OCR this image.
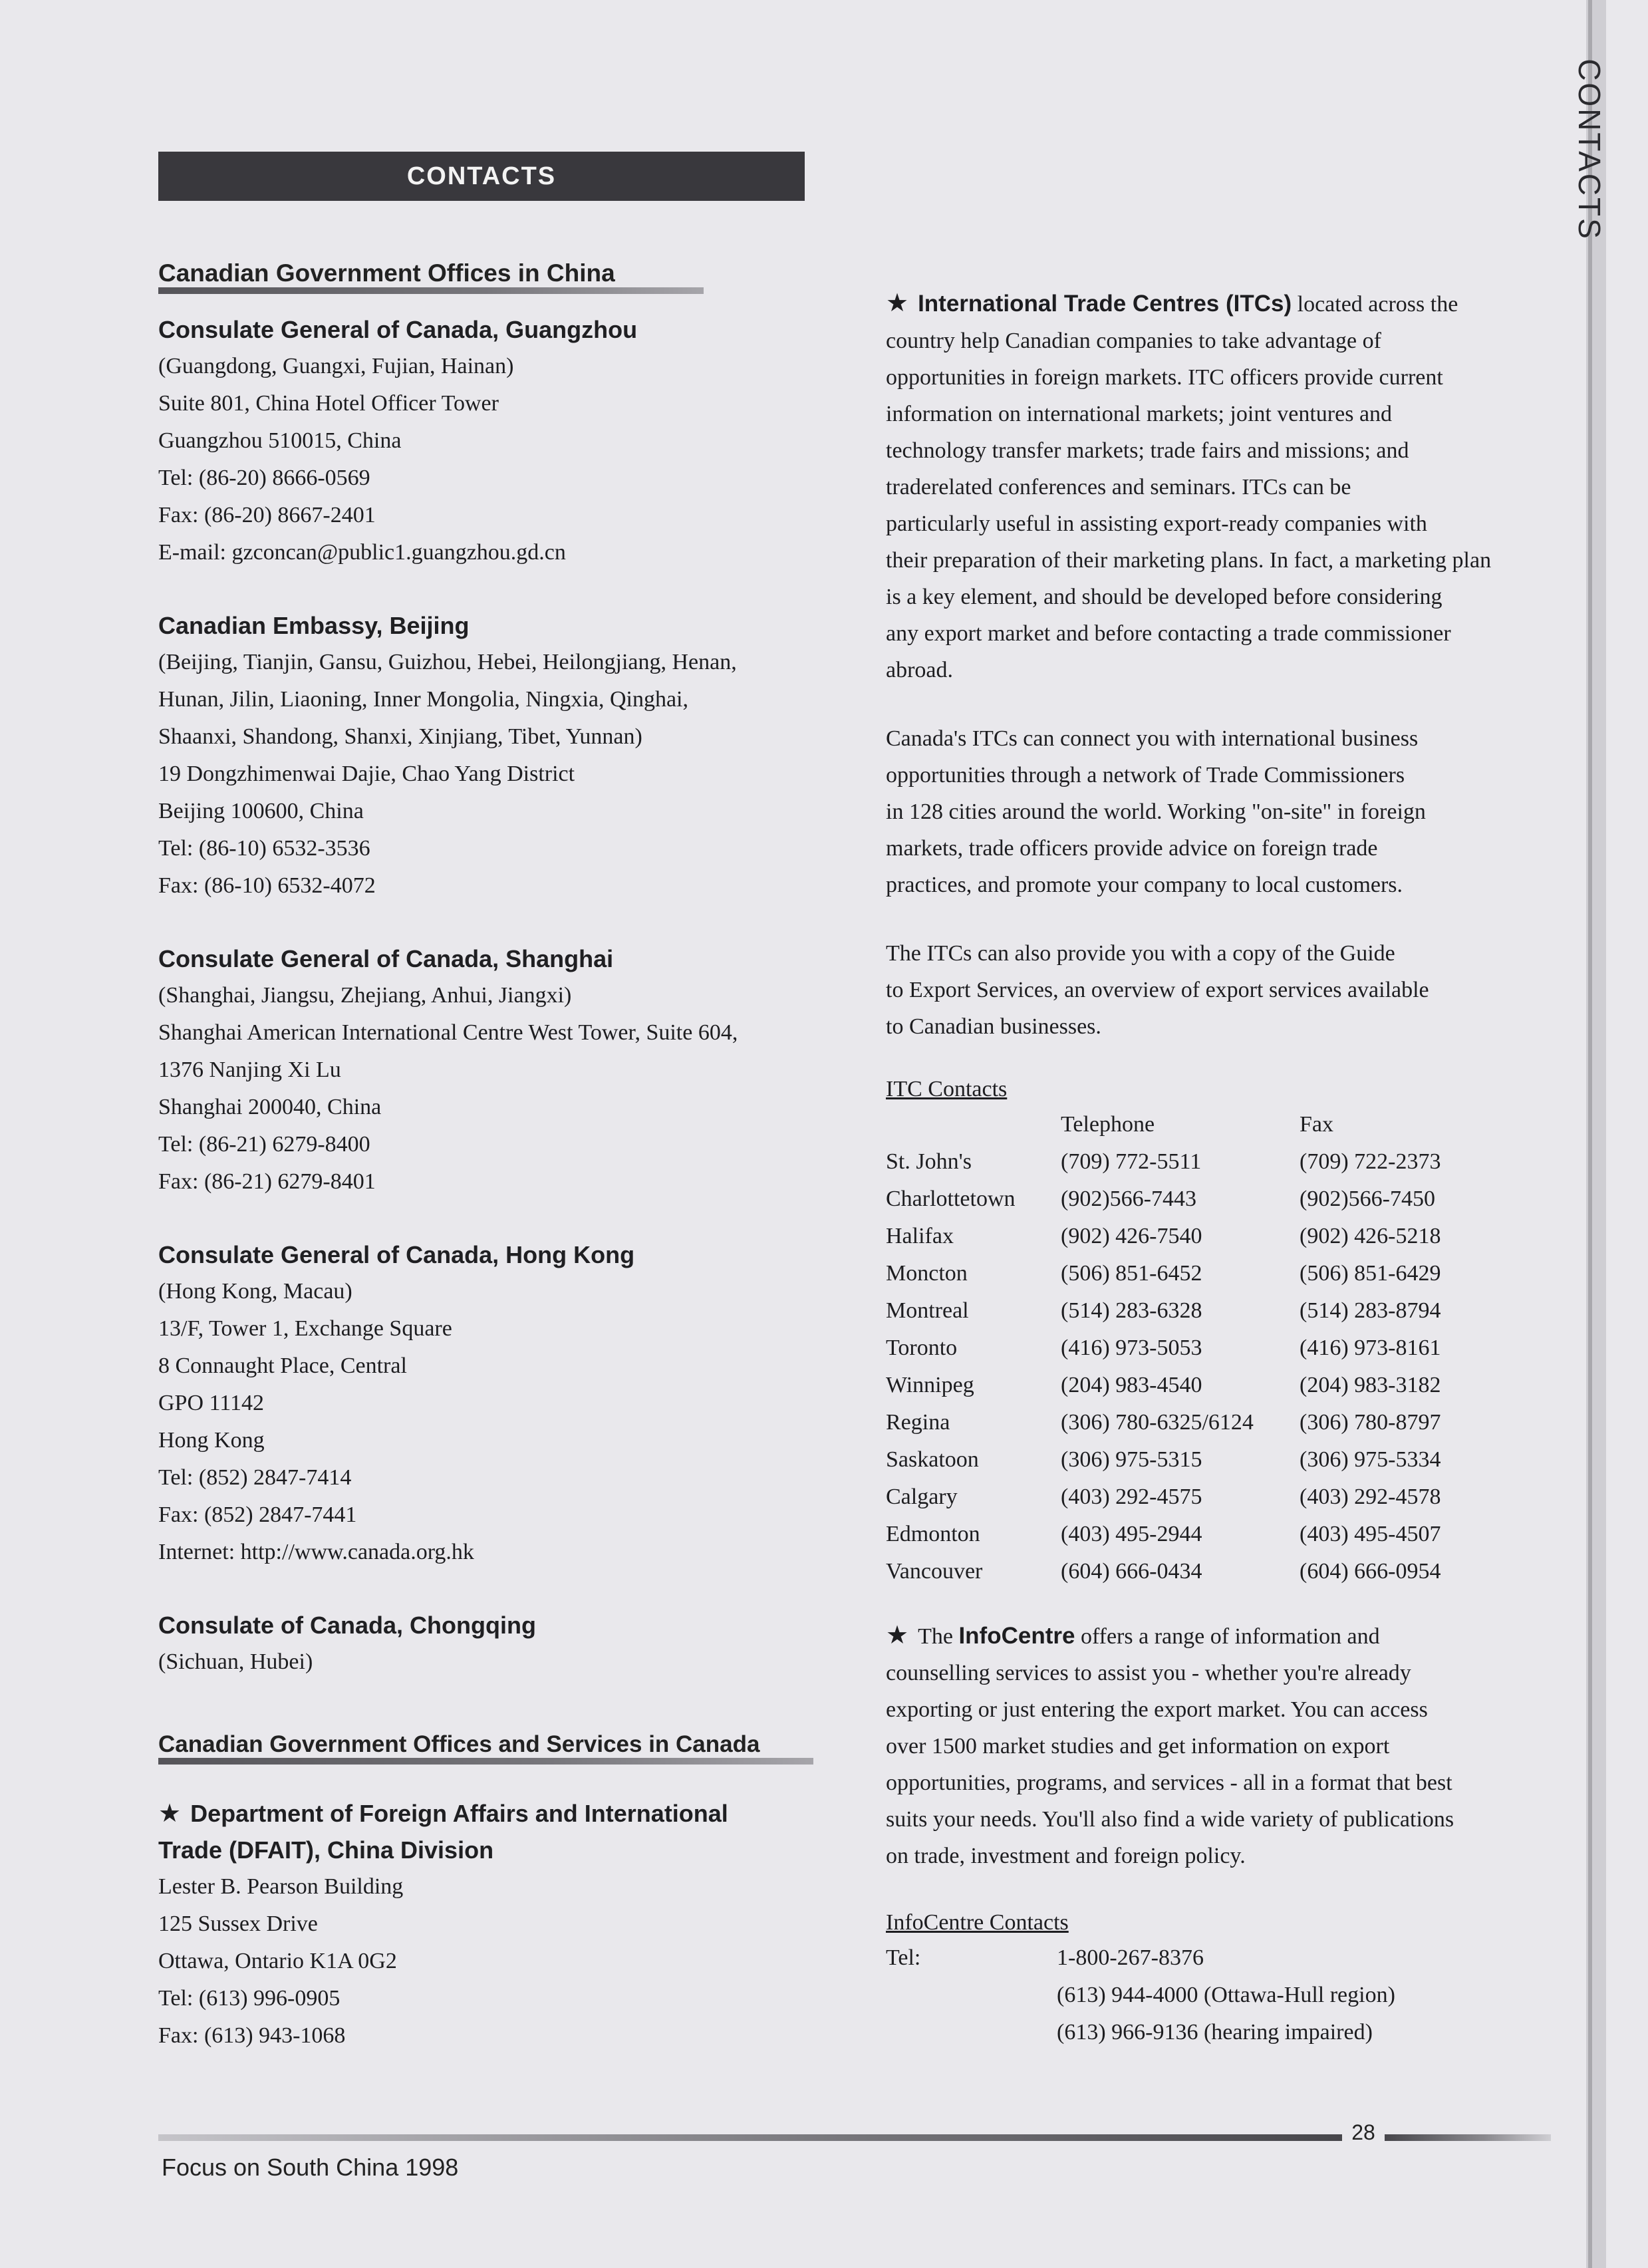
CONTACTS
CONTACTS
Canadian Government Offices in China

Consulate General of Canada, Guangzhou

(Guangdong, Guangxi, Fujian, Hainan)

Suite 801, China Hotel Officer Tower

Guangzhou 510015, China

Tel: (86-20) 8666-0569

Fax: (86-20) 8667-2401

E-mail: gzconcan@public1.guangzhou.gd.cn

Canadian Embassy, Beijing

(Beijing, Tianjin, Gansu, Guizhou, Hebei, Heilongjiang, Henan,

Hunan, Jilin, Liaoning, Inner Mongolia, Ningxia, Qinghai,

Shaanxi, Shandong, Shanxi, Xinjiang, Tibet, Yunnan)

19 Dongzhimenwai Dajie, Chao Yang District

Beijing 100600, China

Tel: (86-10) 6532-3536

Fax: (86-10) 6532-4072

Consulate General of Canada, Shanghai

(Shanghai, Jiangsu, Zhejiang, Anhui, Jiangxi)

Shanghai American International Centre West Tower, Suite 604,

1376 Nanjing Xi Lu

Shanghai 200040, China

Tel: (86-21) 6279-8400

Fax: (86-21) 6279-8401

Consulate General of Canada, Hong Kong

(Hong Kong, Macau)

13/F, Tower 1, Exchange Square

8 Connaught Place, Central

GPO 11142

Hong Kong

Tel: (852) 2847-7414

Fax: (852) 2847-7441

Internet: http://www.canada.org.hk

Consulate of Canada, Chongqing

(Sichuan, Hubei)

Canadian Government Offices and Services in Canada

★ Department of Foreign Affairs and International

Trade (DFAIT), China Division

Lester B. Pearson Building

125 Sussex Drive

Ottawa, Ontario K1A 0G2

Tel: (613) 996-0905

Fax: (613) 943-1068

★ International Trade Centres (ITCs) located across the

country help Canadian companies to take advantage of

opportunities in foreign markets. ITC officers provide current

information on international markets; joint ventures and

technology transfer markets; trade fairs and missions; and

traderelated conferences and seminars. ITCs can be

particularly useful in assisting export-ready companies with

their preparation of their marketing plans. In fact, a marketing plan

is a key element, and should be developed before considering

any export market and before contacting a trade commissioner

abroad.

Canada's ITCs can connect you with international business

opportunities through a network of Trade Commissioners

in 128 cities around the world. Working "on-site" in foreign

markets, trade officers provide advice on foreign trade

practices, and promote your company to local customers.

The ITCs can also provide you with a copy of the Guide

to Export Services, an overview of export services available

to Canadian businesses.

ITC Contacts

	Telephone	Fax
St. John's	(709) 772-5511	(709) 722-2373
Charlottetown	(902)566-7443	(902)566-7450
Halifax	(902) 426-7540	(902) 426-5218
Moncton	(506) 851-6452	(506) 851-6429
Montreal	(514) 283-6328	(514) 283-8794
Toronto	(416) 973-5053	(416) 973-8161
Winnipeg	(204) 983-4540	(204) 983-3182
Regina	(306) 780-6325/6124	(306) 780-8797
Saskatoon	(306) 975-5315	(306) 975-5334
Calgary	(403) 292-4575	(403) 292-4578
Edmonton	(403) 495-2944	(403) 495-4507
Vancouver	(604) 666-0434	(604) 666-0954

★ The InfoCentre offers a range of information and

counselling services to assist you - whether you're already

exporting or just entering the export market. You can access

over 1500 market studies and get information on export

opportunities, programs, and services - all in a format that best

suits your needs. You'll also find a wide variety of publications

on trade, investment and foreign policy.

InfoCentre Contacts

Tel:	1-800-267-8376
	(613) 944-4000 (Ottawa-Hull region)
	(613) 966-9136 (hearing impaired)
28
Focus on South China 1998
